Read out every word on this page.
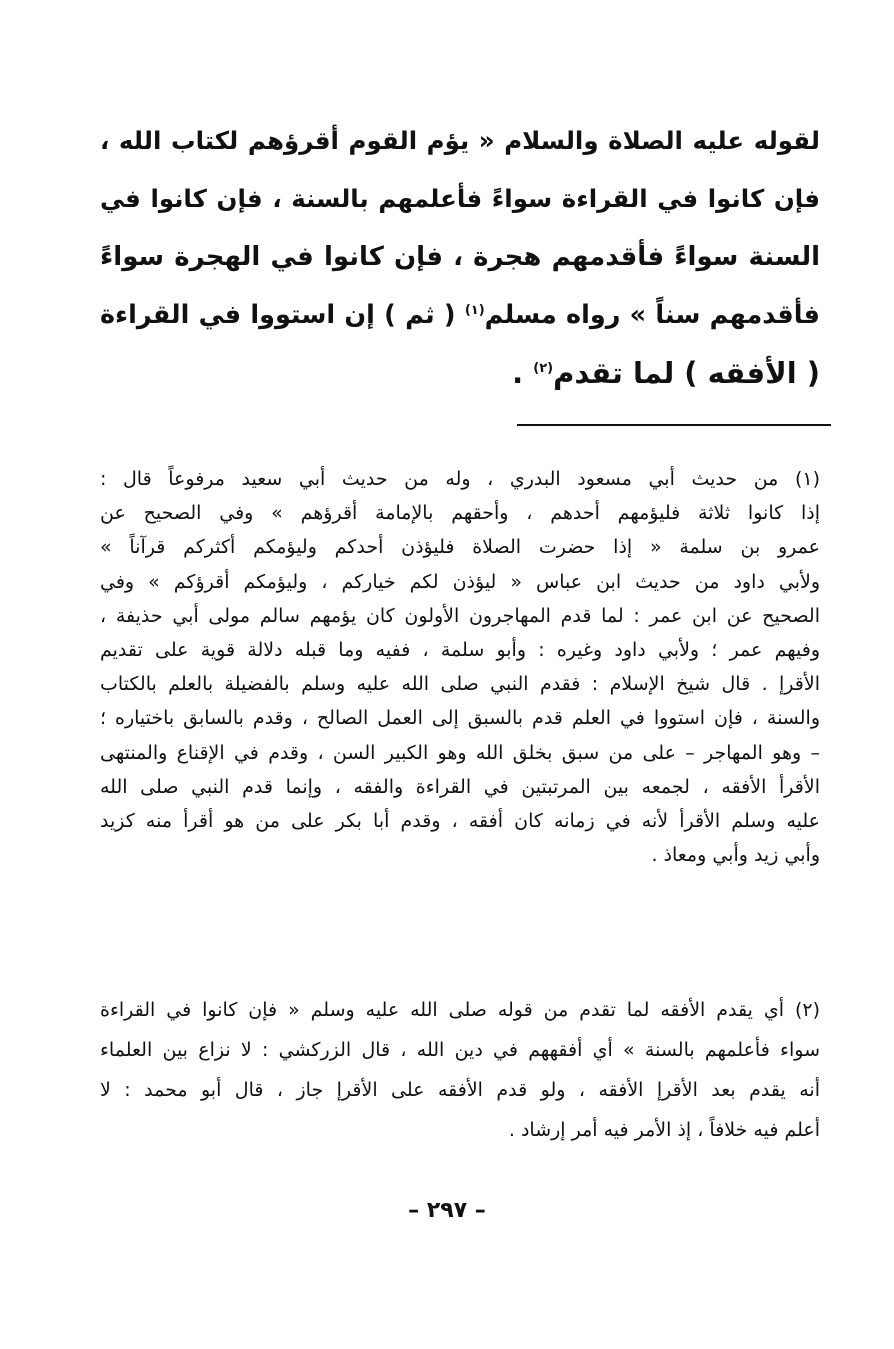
لقوله عليه الصلاة والسلام « يؤم القوم أقرؤهم لكتاب الله ،
فإن كانوا في القراءة سواءً فأعلمهم بالسنة ، فإن كانوا في
السنة سواءً فأقدمهم هجرة ، فإن كانوا في الهجرة سواءً
فأقدمهم سناً » رواه مسلم$^{(١)}$ ( ثم ) إن استووا في القراءة
( الأفقه ) لما تقدم$^{(٢)}$ .
(١) من حديث أبي مسعود البدري ، وله من حديث أبي سعيد مرفوعاً قال :
إذا كانوا ثلاثة فليؤمهم أحدهم ، وأحقهم بالإمامة أقرؤهم » وفي الصحيح عن
عمرو بن سلمة « إذا حضرت الصلاة فليؤذن أحدكم وليؤمكم أكثركم قرآناً »
ولأبي داود من حديث ابن عباس « ليؤذن لكم خياركم ، وليؤمكم أقرؤكم » وفي
الصحيح عن ابن عمر : لما قدم المهاجرون الأولون كان يؤمهم سالم مولى أبي حذيفة ،
وفيهم عمر ؛ ولأبي داود وغيره : وأبو سلمة ، ففيه وما قبله دلالة قوية على تقديم
الأقرإ . قال شيخ الإسلام : فقدم النبي صلى الله عليه وسلم بالفضيلة بالعلم بالكتاب
والسنة ، فإن استووا في العلم قدم بالسبق إلى العمل الصالح ، وقدم بالسابق باختياره ؛
– وهو المهاجر – على من سبق بخلق الله وهو الكبير السن ، وقدم في الإقناع والمنتهى
الأقرأ الأفقه ، لجمعه بين المرتبتين في القراءة والفقه ، وإنما قدم النبي صلى الله
عليه وسلم الأقرأ لأنه في زمانه كان أفقه ، وقدم أبا بكر على من هو أقرأ منه كزيد
وأبي زيد وأبي ومعاذ .
(٢) أي يقدم الأفقه لما تقدم من قوله صلى الله عليه وسلم « فإن كانوا في القراءة
سواء فأعلمهم بالسنة » أي أفقههم في دين الله ، قال الزركشي : لا نزاع بين العلماء
أنه يقدم بعد الأقرإ الأفقه ، ولو قدم الأفقه على الأقرإ جاز ، قال أبو محمد : لا
أعلم فيه خلافاً ، إذ الأمر فيه أمر إرشاد .
– ٢٩٧ –
